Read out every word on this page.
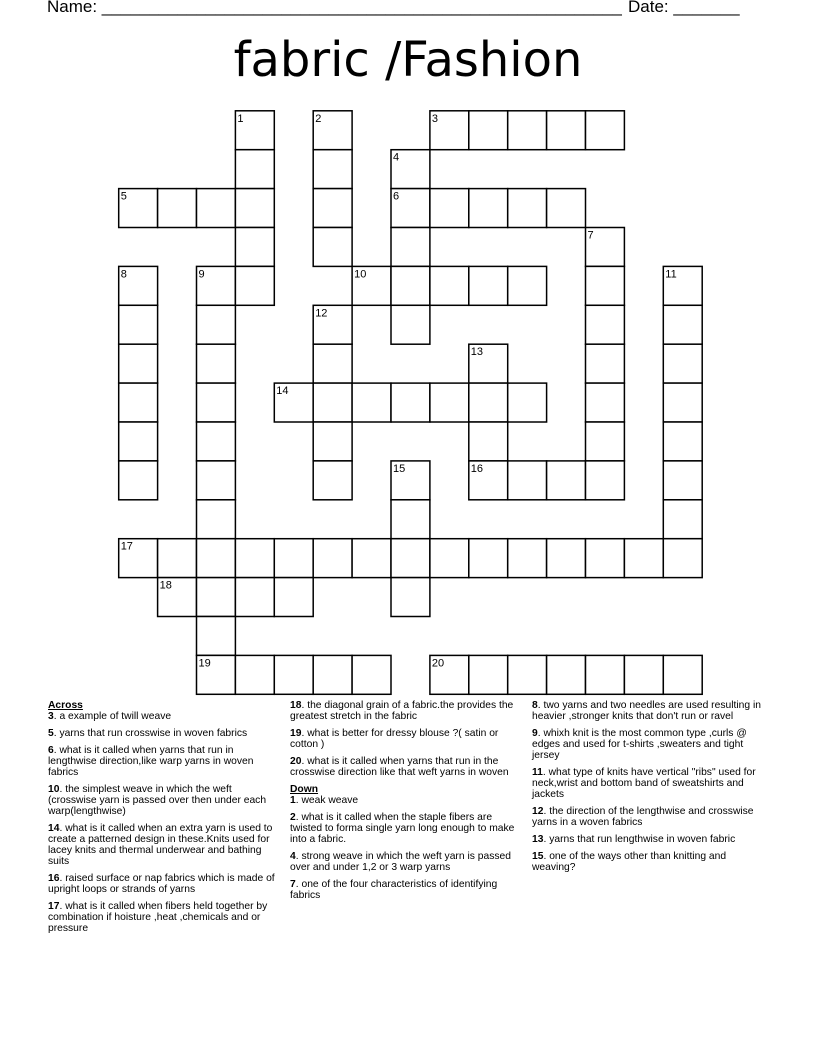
Name: _______________________________________________________ Date: _______
fabric /Fashion
1	2	3
4
5	6
7
8	9	10	11
12
13
14
15	16
17
18
19	20
Across
3. a example of twill weave
5. yarns that run crosswise in woven fabrics
6. what is it called when yarns that run in lengthwise direction,like warp yarns in woven fabrics
10. the simplest weave in which the weft (crosswise yarn is passed over then under each warp(lengthwise)
14. what is it called when an extra yarn is used to create a patterned design in these.Knits used for lacey knits and thermal underwear and bathing suits
16. raised surface or nap fabrics which is made of upright loops or strands of yarns
17. what is it called when fibers held together by combination if hoisture ,heat ,chemicals and or pressure
18. the diagonal grain of a fabric.the provides the greatest stretch in the fabric
19. what is better for dressy blouse ?( satin or cotton )
20. what is it called when yarns that run in the crosswise direction like that weft yarns in woven
Down
1. weak weave
2. what is it called when the staple fibers are twisted to forma single yarn long enough to make into a fabric.
4. strong weave in which the weft yarn is passed over and under 1,2 or 3 warp yarns
7. one of the four characteristics of identifying fabrics
8. two yarns and two needles are used resulting in heavier ,stronger knits that don't run or ravel
9. whixh knit is the most common type ,curls @ edges and used for t-shirts ,sweaters and tight jersey
11. what type of knits have vertical "ribs" used for neck,wrist and bottom band of sweatshirts and jackets
12. the direction of the lengthwise and crosswise yarns in a woven fabrics
13. yarns that run lengthwise in woven fabric
15. one of the ways other than knitting and weaving?
